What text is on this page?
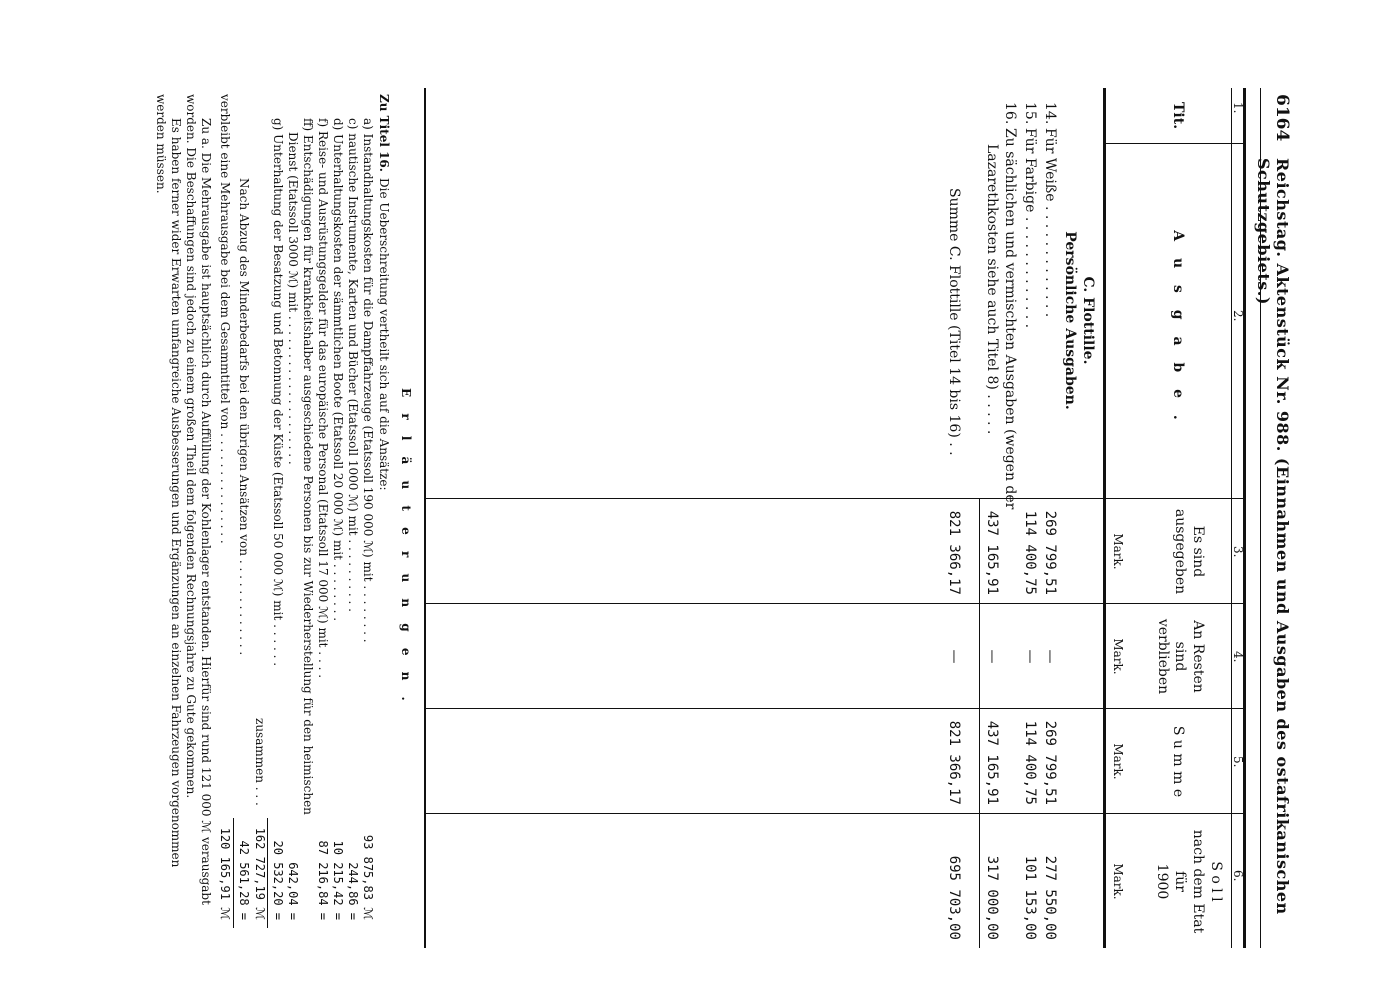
6164
Reichstag. Aktenstück Nr. 988. (Einnahmen und Ausgaben des ostafrikanischen Schutzgebiets.)
1.
2.
3.
4.
5.
6.
Tit.
A u s g a b e .
Es sind
ausgegeben
Mark.
An Resten
sind verblieben
Mark.
S u m m e
Mark.
S o l l
nach dem Etat
für
1900
Mark.
C. Flottille.
Persönliche Ausgaben.
14.
Für Weiße . . . . . . . . . . . . .
269 799,51
—
269 799,51
277 550,00
15.
Für Farbige . . . . . . . . . . . . .
114 400,75
—
114 400,75
101 153,00
16.
Zu sächlichen und vermischten Ausgaben (wegen der
Lazarethkosten siehe auch Titel 8) . . . . .
437 165,91
—
437 165,91
317 000,00
Summe C. Flottille (Titel 14 bis 16) . .
821 366,17
—
821 366,17
695 703,00
E r l ä u t e r u n g e n .
Zu Titel 16.
Die Ueberschreitung vertheilt sich auf die Ansätze:
a) Instandhaltungskosten für die Dampffahrzeuge (Etatssoll 190 000 ℳ) mit . . . . . . . .
93 875,83 ℳ
c) nautische Instrumente, Karten und Bücher (Etatssoll 1000 ℳ) mit . . . . . . . . . .
244,86 =
d) Unterhaltungskosten der sämmtlichen Boote (Etatssoll 20 000 ℳ) mit . . . . . . . .
10 215,42 =
f) Reise- und Ausrüstungsgelder für das europäische Personal (Etatssoll 17 000 ℳ) mit . . . .
87 216,84 =
ff) Entschädigungen für krankheitshalber ausgeschiedene Personen bis zur Wiederherstellung für den heimischen
Dienst (Etatssoll 3000 ℳ) mit . . . . . . . . . . . . . . . . . . . .
642,04 =
g) Unterhaltung der Besatzung und Betonnung der Küste (Etatssoll 50 000 ℳ) mit . . . . . .
20 532,20 =
zusammen . . .
162 727,19 ℳ
Nach Abzug des Minderbedarfs bei den übrigen Ansätzen von . . . . . . . . . . . . .
42 561,28 =
verbleibt eine Mehrausgabe bei dem Gesammtittel von . . . . . . . . . . . . . . .
120 165,91 ℳ
Zu a. Die Mehrausgabe ist hauptsächlich durch Auffüllung der Kohlenlager entstanden. Hierfür sind rund 121 000 ℳ verausgabt
worden. Die Beschaffungen sind jedoch zu einem großen Theil dem folgenden Rechnungsjahre zu Gute gekommen.
Es haben ferner wider Erwarten umfangreiche Ausbesserungen und Ergänzungen an einzelnen Fahrzeugen vorgenommen
werden müssen.
